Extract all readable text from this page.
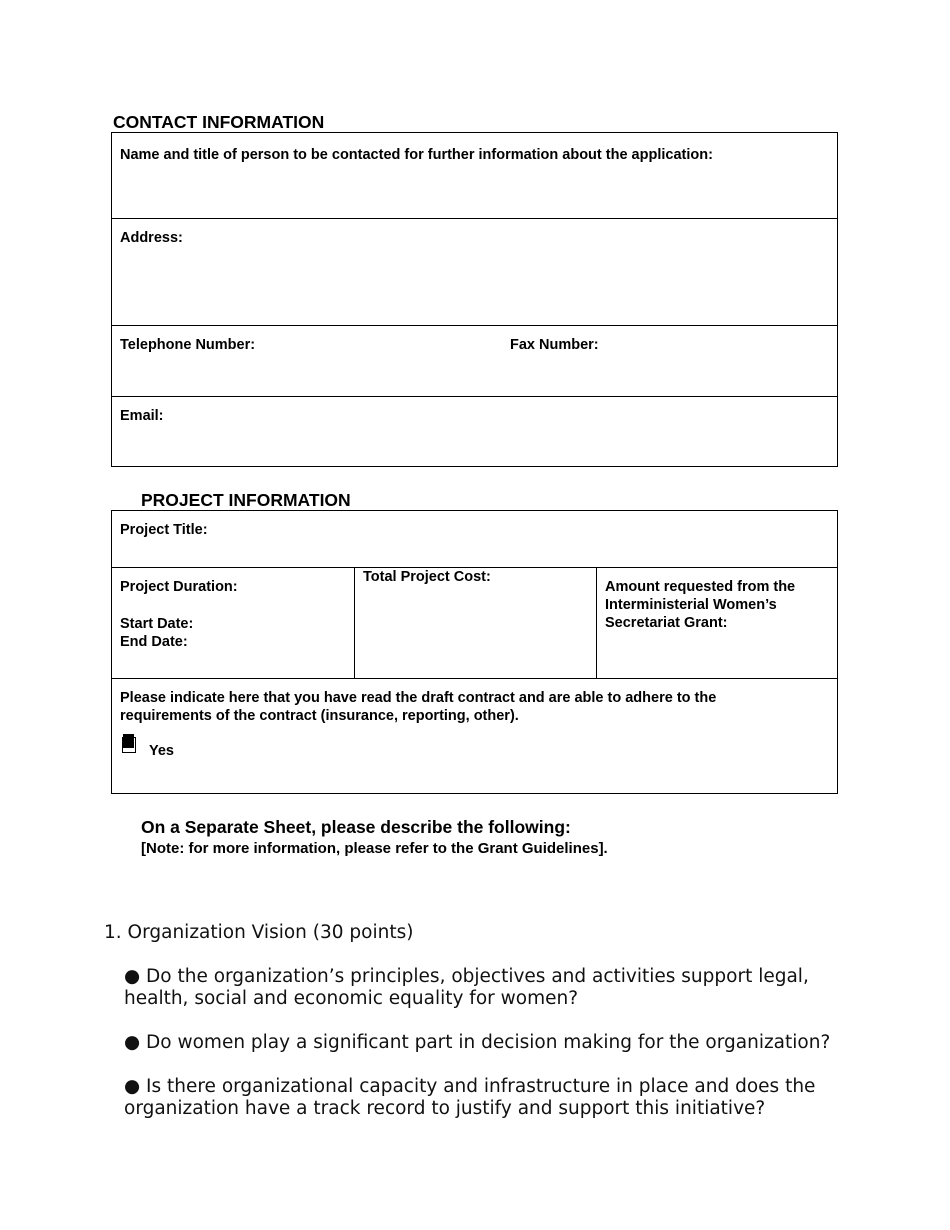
CONTACT INFORMATION
Name and title of person to be contacted for further information about the application:
Address:
Telephone Number:	Fax Number:
Email:
PROJECT INFORMATION
Project Title:
Project Duration:
Start Date:
End Date:
Total Project Cost:
Amount requested from the
Interministerial Women’s
Secretariat Grant:
Please indicate here that you have read the draft contract and are able to adhere to the
requirements of the contract (insurance, reporting, other).
Yes
On a Separate Sheet, please describe the following:
[Note: for more information, please refer to the Grant Guidelines].
1. Organization Vision (30 points)
● Do the organization’s principles, objectives and activities support legal, health, social and economic equality for women?
● Do women play a significant part in decision making for the organization?
● Is there organizational capacity and infrastructure in place and does the organization have a track record to justify and support this initiative?
